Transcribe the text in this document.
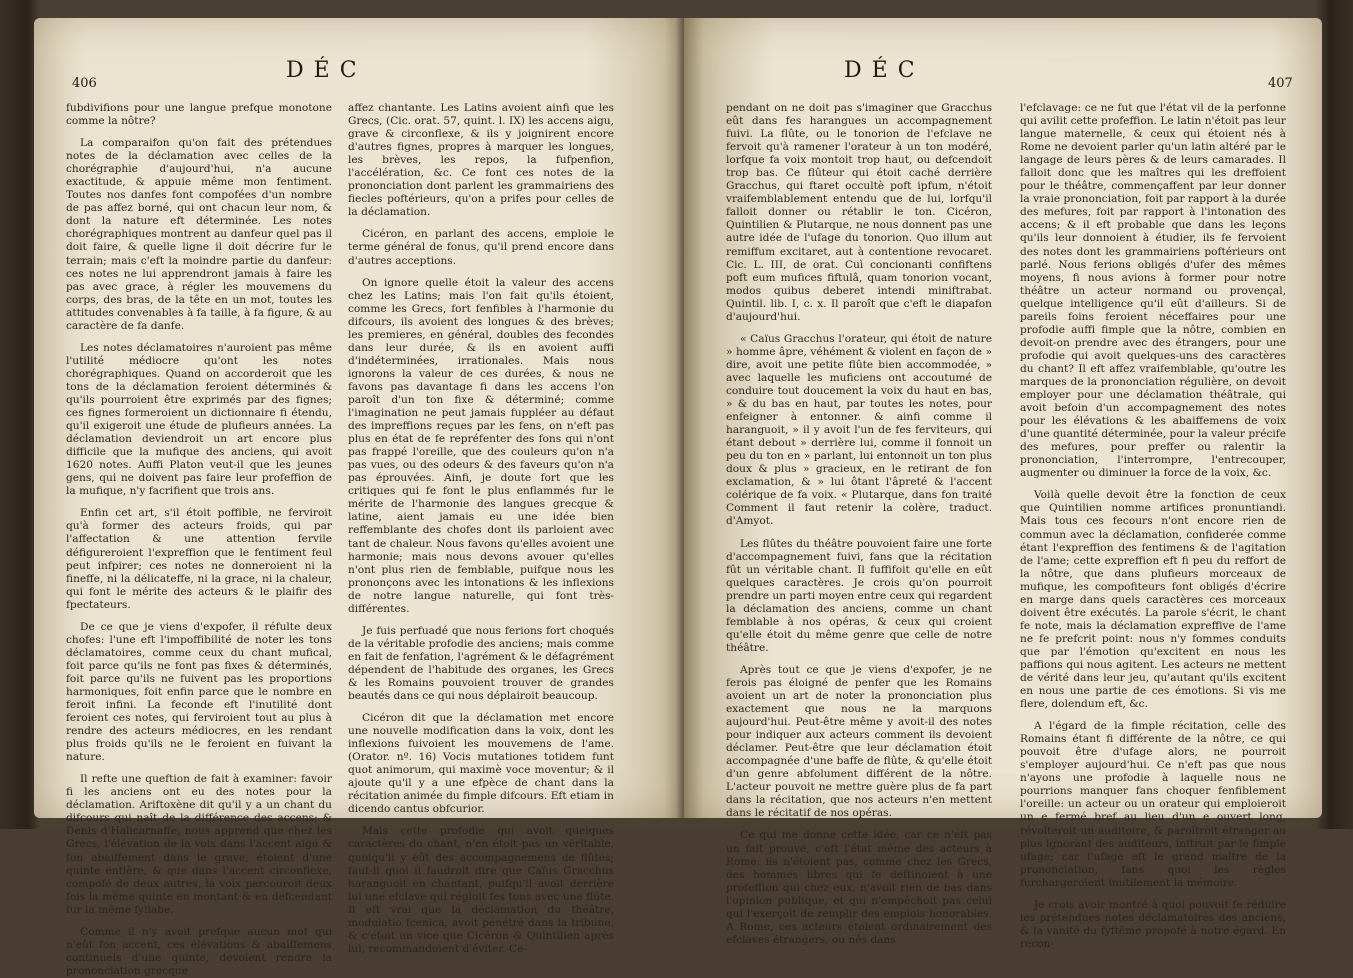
406
DÉC

fubdivifions pour une langue prefque monotone comme la nôtre?

La comparaifon qu'on fait des prétendues notes de la déclamation avec celles de la chorégraphie d'aujourd'hui, n'a aucune exactitude, & appuie même mon fentiment. Toutes nos danfes font compofées d'un nombre de pas affez borné, qui ont chacun leur nom, & dont la nature eft déterminée. Les notes chorégraphiques montrent au danfeur quel pas il doit faire, & quelle ligne il doit décrire fur le terrain; mais c'eft la moindre partie du danfeur: ces notes ne lui apprendront jamais à faire les pas avec grace, à régler les mouvemens du corps, des bras, de la tête en un mot, toutes les attitudes convenables à fa taille, à fa figure, & au caractère de fa danfe.

Les notes déclamatoires n'auroient pas même l'utilité médiocre qu'ont les notes chorégraphiques. Quand on accorderoit que les tons de la déclamation feroient déterminés & qu'ils pourroient être exprimés par des fignes; ces fignes formeroient un dictionnaire fi étendu, qu'il exigeroit une étude de plufieurs années. La déclamation deviendroit un art encore plus difficile que la mufique des anciens, qui avoit 1620 notes. Auffi Platon veut-il que les jeunes gens, qui ne doivent pas faire leur profeffion de la mufique, n'y facrifient que trois ans.

Enfin cet art, s'il étoit poffible, ne ferviroit qu'à former des acteurs froids, qui par l'affectation & une attention fervile défigureroient l'expreffion que le fentiment feul peut infpirer; ces notes ne donneroient ni la fineffe, ni la délicateffe, ni la grace, ni la chaleur, qui font le mérite des acteurs & le plaifir des fpectateurs.

De ce que je viens d'expofer, il réfulte deux chofes: l'une eft l'impoffibilité de noter les tons déclamatoires, comme ceux du chant mufical, foit parce qu'ils ne font pas fixes & déterminés, foit parce qu'ils ne fuivent pas les proportions harmoniques, foit enfin parce que le nombre en feroit infini. La feconde eft l'inutilité dont feroient ces notes, qui ferviroient tout au plus à rendre des acteurs médiocres, en les rendant plus froids qu'ils ne le feroient en fuivant la nature.

Il refte une queftion de fait à examiner: favoir fi les anciens ont eu des notes pour la déclamation. Ariftoxène dit qu'il y a un chant du difcours qui naît de la différence des accens; & Denis d'Halicarnaffe, nous apprend que chez les Grecs, l'élévation de la voix dans l'accent aigu & fon abaiffement dans le grave, étoient d'une quinte entière, & que dans l'accent circonflexe, compofé de deux autres, la voix parcouroit deux fois la même quinte en montant & en defcendant fur la même fyllabe.

Comme il n'y avoit prefque aucun mot qui n'eût fon accent, ces élévations & abaiffemens continuels d'une quinte, devoient rendre la prononciation grecque

affez chantante. Les Latins avoient ainfi que les Grecs, (Cic. orat. 57, quint. l. IX) les accens aigu, grave & circonflexe, & ils y joignirent encore d'autres fignes, propres à marquer les longues, les brèves, les repos, la fufpenfion, l'accélération, &c. Ce font ces notes de la prononciation dont parlent les grammairiens des fiecles poftérieurs, qu'on a prifes pour celles de la déclamation.

Cicéron, en parlant des accens, emploie le terme général de fonus, qu'il prend encore dans d'autres acceptions.

On ignore quelle étoit la valeur des accens chez les Latins; mais l'on fait qu'ils étoient, comme les Grecs, fort fenfibles à l'harmonie du difcours, ils avoient des longues & des brèves; les premieres, en général, doubles des fecondes dans leur durée, & ils en avoient auffi d'indéterminées, irrationales. Mais nous ignorons la valeur de ces durées, & nous ne favons pas davantage fi dans les accens l'on paroît d'un ton fixe & déterminé; comme l'imagination ne peut jamais fuppléer au défaut des impreffions reçues par les fens, on n'eft pas plus en état de fe repréfenter des fons qui n'ont pas frappé l'oreille, que des couleurs qu'on n'a pas vues, ou des odeurs & des faveurs qu'on n'a pas éprouvées. Ainfi, je doute fort que les critiques qui fe font le plus enflammés fur le mérite de l'harmonie des langues grecque & latine, aient jamais eu une idée bien reffemblante des chofes dont ils parloient avec tant de chaleur. Nous favons qu'elles avoient une harmonie; mais nous devons avouer qu'elles n'ont plus rien de femblable, puifque nous les prononçons avec les intonations & les inflexions de notre langue naturelle, qui font très-différentes.

Je fuis perfuadé que nous ferions fort choqués de la véritable profodie des anciens; mais comme en fait de fenfation, l'agrément & le défagrément dépendent de l'habitude des organes, les Grecs & les Romains pouvoient trouver de grandes beautés dans ce qui nous déplairoit beaucoup.

Cicéron dit que la déclamation met encore une nouvelle modification dans la voix, dont les inflexions fuivoient les mouvemens de l'ame. (Orator. nº. 16) Vocis mutationes totidem funt quot animorum, qui maximè voce moventur; & il ajoute qu'il y a une efpèce de chant dans la récitation animée du fimple difcours. Eft etiam in dicendo cantus obfcurior.

Mais cette profodie qui avoit quelques caractères du chant, n'en étoit pas un véritable, quoiqu'il y eût des accompagnemens de flûtes; faut-il quoi il faudroit dire que Caïus Gracchus haranguoit en chantant, puifqu'il avoit derrière lui une efclave qui régloit fes tons avec une flûte. Il eft vrai que la déclamation du théâtre, modulatio fcenica, avoit pénétré dans la tribune, & c'étoit un vice que Cicéron & Quintilien après lui, recommandoient d'éviter. Ce-

DÉC
407

pendant on ne doit pas s'imaginer que Gracchus eût dans fes harangues un accompagnement fuivi. La flûte, ou le tonorion de l'efclave ne fervoit qu'à ramener l'orateur à un ton modéré, lorfque fa voix montoit trop haut, ou defcendoit trop bas. Ce flûteur qui étoit caché derrière Gracchus, qui ftaret occultè poft ipfum, n'étoit vraifemblablement entendu que de lui, lorfqu'il falloit donner ou rétablir le ton. Cicéron, Quintilien & Plutarque, ne nous donnent pas une autre idée de l'ufage du tonorion. Quo illum aut remiffum excitaret, aut à contentione revocaret. Cic. L. III, de orat. Cuì concionanti confiftens poft eum mufices fiftulâ, quam tonorion vocant, modos quibus deberet intendi miniftrabat. Quintil. lib. I, c. x. Il paroît que c'eft le diapafon d'aujourd'hui.

« Caïus Gracchus l'orateur, qui étoit de nature » homme âpre, véhément & violent en façon de » dire, avoit une petite flûte bien accommodée, » avec laquelle les muficiens ont accoutumé de conduire tout doucement la voix du haut en bas, » & du bas en haut, par toutes les notes, pour enfeigner à entonner. & ainfi comme il haranguoit, » il y avoit l'un de fes ferviteurs, qui étant debout » derrière lui, comme il fonnoit un peu du ton en » parlant, lui entonnoit un ton plus doux & plus » gracieux, en le retirant de fon exclamation, & » lui ôtant l'âpreté & l'accent colérique de fa voix. « Plutarque, dans fon traité Comment il faut retenir la colère, traduct. d'Amyot.

Les flûtes du théâtre pouvoient faire une forte d'accompagnement fuivi, fans que la récitation fût un véritable chant. Il fuffifoit qu'elle en eût quelques caractères. Je crois qu'on pourroit prendre un parti moyen entre ceux qui regardent la déclamation des anciens, comme un chant femblable à nos opéras, & ceux qui croient qu'elle étoit du même genre que celle de notre théâtre.

Après tout ce que je viens d'expofer, je ne ferois pas éloigné de penfer que les Romains avoient un art de noter la prononciation plus exactement que nous ne la marquons aujourd'hui. Peut-être même y avoit-il des notes pour indiquer aux acteurs comment ils devoient déclamer. Peut-être que leur déclamation étoit accompagnée d'une baffe de flûte, & qu'elle étoit d'un genre abfolument différent de la nôtre. L'acteur pouvoit ne mettre guère plus de fa part dans la récitation, que nos acteurs n'en mettent dans le récitatif de nos opéras.

Ce qui me donne cette idée, car ce n'eft pas un fait prouvé, c'eft l'état même des acteurs à Rome: ils n'étoient pas, comme chez les Grecs, des hommes libres qui fe deftinoient à une profeffion qui chez eux, n'avoit rien de bas dans l'opinion publique, et qui n'empêchoit pas celui qui l'exerçoit de remplir des emplois honorables. A Rome, ces acteurs étoient ordinairement des efclaves étrangers, ou nés dans

l'efclavage: ce ne fut que l'état vil de la perfonne qui avilit cette profeffion. Le latin n'étoit pas leur langue maternelle, & ceux qui étoient nés à Rome ne devoient parler qu'un latin altéré par le langage de leurs pères & de leurs camarades. Il falloit donc que les maîtres qui les dreffoient pour le théâtre, commençaffent par leur donner la vraie prononciation, foit par rapport à la durée des mefures, foit par rapport à l'intonation des accens; & il eft probable que dans les leçons qu'ils leur donnoient à étudier, ils fe fervoient des notes dont les grammairiens poftérieurs ont parlé. Nous ferions obligés d'ufer des mêmes moyens, fi nous avions à former pour notre théâtre un acteur normand ou provençal, quelque intelligence qu'il eût d'ailleurs. Si de pareils foins feroient néceffaires pour une profodie auffi fimple que la nôtre, combien en devoit-on prendre avec des étrangers, pour une profodie qui avoit quelques-uns des caractères du chant? Il eft affez vraifemblable, qu'outre les marques de la prononciation régulière, on devoit employer pour une déclamation théâtrale, qui avoit befoin d'un accompagnement des notes pour les élévations & les abaiffemens de voix d'une quantité déterminée, pour la valeur précife des mefures, pour preffer ou ralentir la prononciation, l'interrompre, l'entrecouper, augmenter ou diminuer la force de la voix, &c.

Voilà quelle devoit être la fonction de ceux que Quintilien nomme artifices pronuntiandi. Mais tous ces fecours n'ont encore rien de commun avec la déclamation, confiderée comme étant l'expreffion des fentimens & de l'agitation de l'ame; cette expreffion eft fi peu du reffort de la nôtre, que dans plufieurs morceaux de mufique, les compofiteurs font obligés d'écrire en marge dans quels caractères ces morceaux doivent être exécutés. La parole s'écrit, le chant fe note, mais la déclamation expreffive de l'ame ne fe prefcrit point: nous n'y fommes conduits que par l'émotion qu'excitent en nous les paffions qui nous agitent. Les acteurs ne mettent de vérité dans leur jeu, qu'autant qu'ils excitent en nous une partie de ces émotions. Si vis me flere, dolendum eft, &c.

A l'égard de la fimple récitation, celle des Romains étant fi différente de la nôtre, ce qui pouvoit être d'ufage alors, ne pourroit s'employer aujourd'hui. Ce n'eft pas que nous n'ayons une profodie à laquelle nous ne pourrions manquer fans choquer fenfiblement l'oreille: un acteur ou un orateur qui emploieroit un e fermé bref au lieu d'un e ouvert long, révolteroit un auditoire, & paroîtroit étranger au plus ignorant des auditeurs, inftruit par le fimple ufage; car l'ufage eft le grand maître de la prononciation, fans quoi les règles furchargeroient inutilement la mémoire.

Je crois avoir montré à quoi pouvoit fe réduire les prétendues notes déclamatoires des anciens, & la vanité du fyftême propofé à notre égard. En recon-
